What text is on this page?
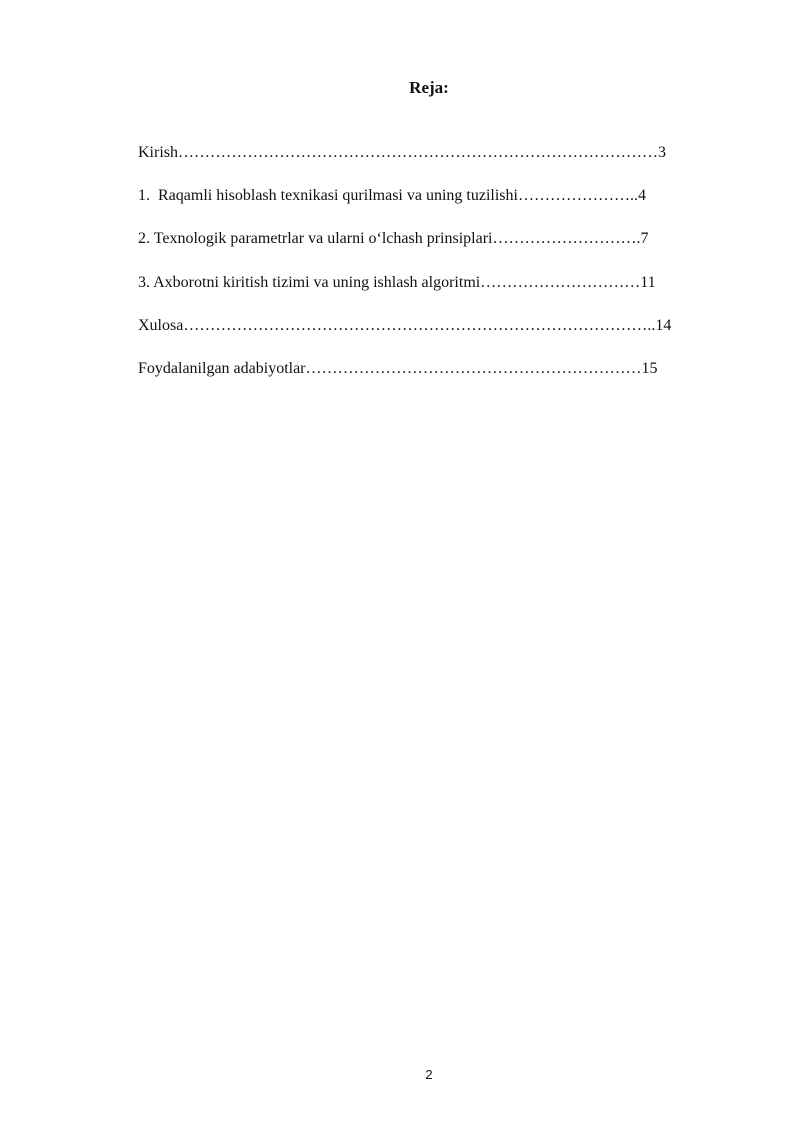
Reja:

Kirish………………………………………………………………………………3

1.  Raqamli hisoblash texnikasi qurilmasi va uning tuzilishi…………………..4

2. Texnologik parametrlar va ularni o‘lchash prinsiplari……………………….7

3. Axborotni kiritish tizimi va uning ishlash algoritmi…………………………11

Xulosa……………………………………………………………………………..14

Foydalanilgan adabiyotlar………………………………………………………15

2
